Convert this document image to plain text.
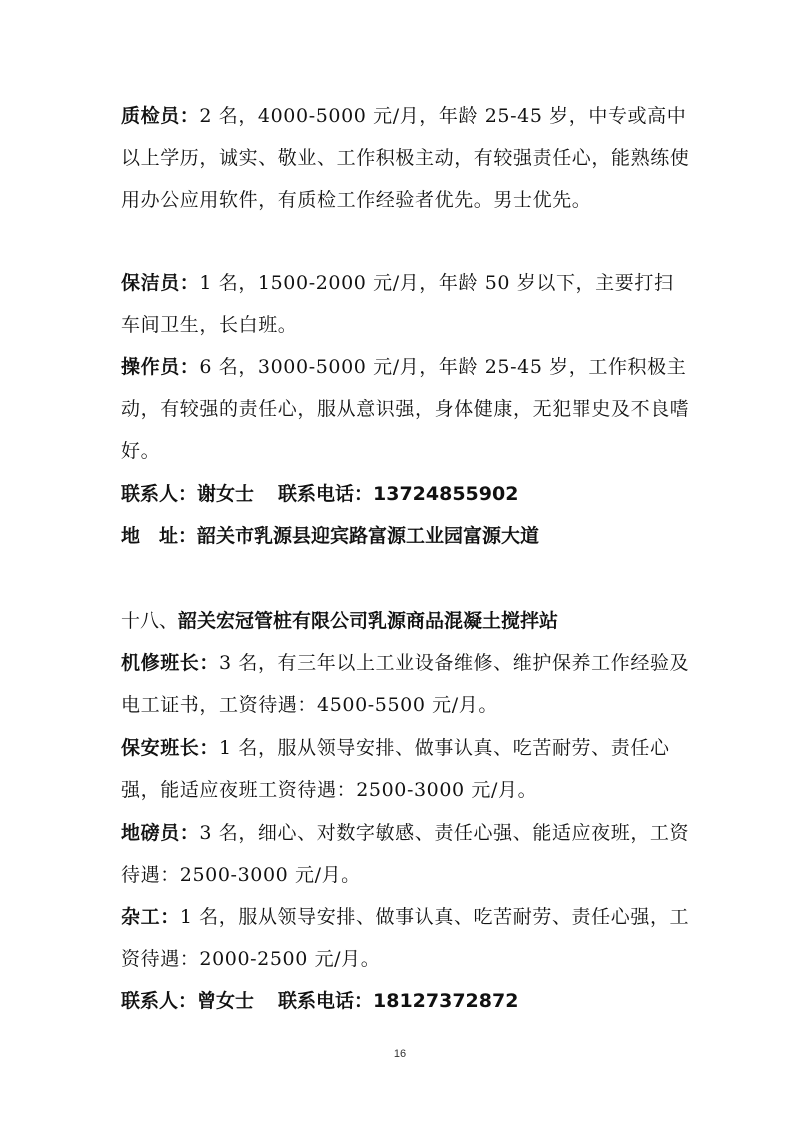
质检员：2 名，4000-5000 元/月，年龄 25-45 岁，中专或高中以上学历，诚实、敬业、工作积极主动，有较强责任心，能熟练使用办公应用软件，有质检工作经验者优先。男士优先。

保洁员：1 名，1500-2000 元/月，年龄 50 岁以下，主要打扫车间卫生，长白班。

操作员：6 名，3000-5000 元/月，年龄 25-45 岁，工作积极主动，有较强的责任心，服从意识强，身体健康，无犯罪史及不良嗜好。

联系人：谢女士 联系电话：13724855902
地　址：韶关市乳源县迎宾路富源工业园富源大道
十八、韶关宏冠管桩有限公司乳源商品混凝土搅拌站

机修班长：3 名，有三年以上工业设备维修、维护保养工作经验及电工证书，工资待遇：4500-5500 元/月。

保安班长：1 名，服从领导安排、做事认真、吃苦耐劳、责任心强，能适应夜班工资待遇：2500-3000 元/月。

地磅员：3 名，细心、对数字敏感、责任心强、能适应夜班，工资待遇：2500-3000 元/月。

杂工：1 名，服从领导安排、做事认真、吃苦耐劳、责任心强，工资待遇：2000-2500 元/月。

联系人：曾女士 联系电话：18127372872
16
